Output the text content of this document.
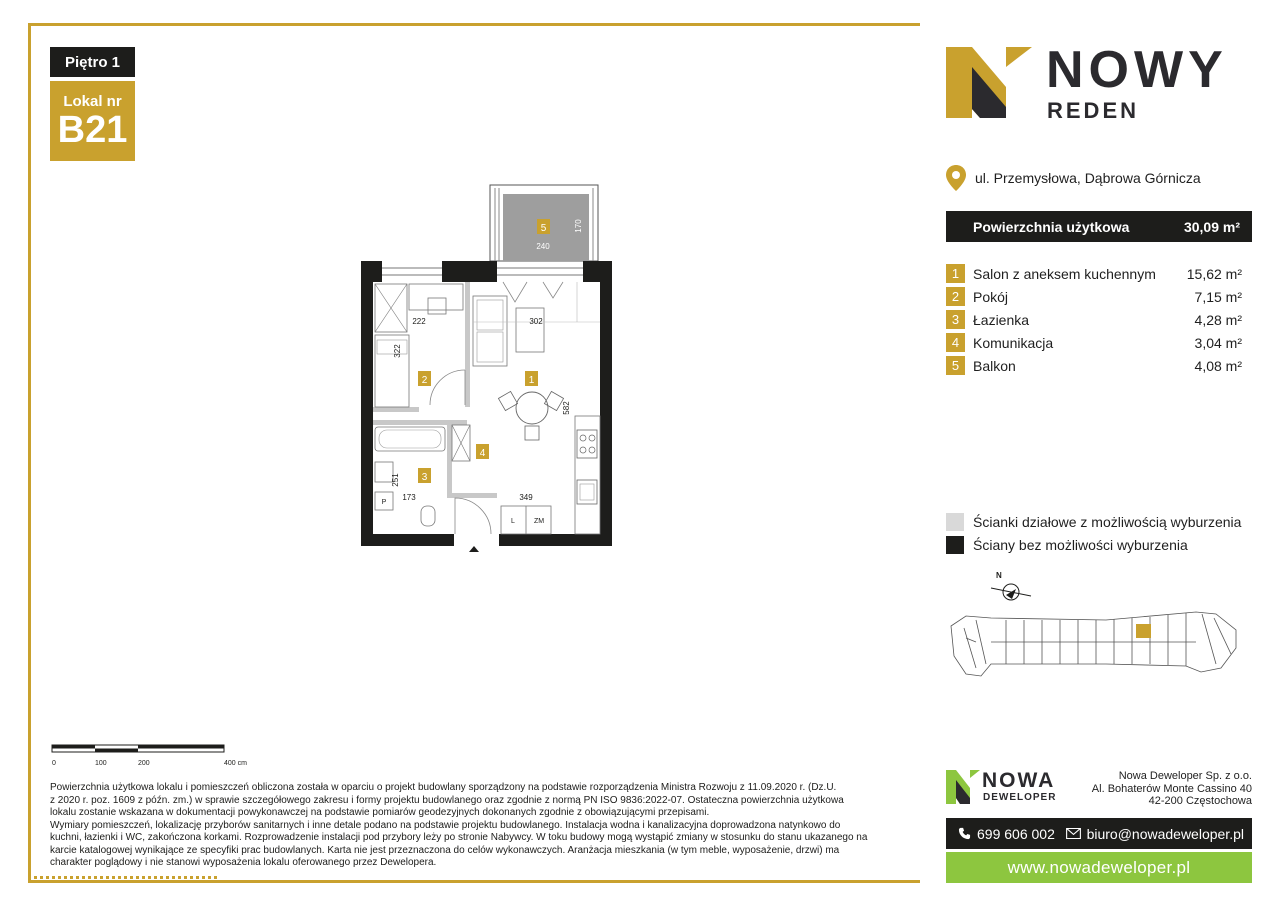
Piętro 1
Lokal nr
B21
5
240
170
222
322
2
302
1
582
L	ZM
349
4
P
251
173
3
0	100	200	400 cm
Powierzchnia użytkowa lokalu i pomieszczeń obliczona została w oparciu o projekt budowlany sporządzony na podstawie rozporządzenia Ministra Rozwoju z 11.09.2020 r. (Dz.U.
z 2020 r. poz. 1609 z późn. zm.) w sprawie szczegółowego zakresu i formy projektu budowlanego oraz zgodnie z normą PN ISO 9836:2022-07. Ostateczna powierzchnia użytkowa
lokalu zostanie wskazana w dokumentacji powykonawczej na podstawie pomiarów geodezyjnych dokonanych zgodnie z obowiązującymi przepisami.
Wymiary pomieszczeń, lokalizację przyborów sanitarnych i inne detale podano na podstawie projektu budowlanego. Instalacja wodna i kanalizacyjna doprowadzona natynkowo do
kuchni, łazienki i WC, zakończona korkami. Rozprowadzenie instalacji pod przybory leży po stronie Nabywcy. W toku budowy mogą wystąpić zmiany w stosunku do stanu ukazanego na
karcie katalogowej wynikające ze specyfiki prac budowlanych. Karta nie jest przeznaczona do celów wykonawczych. Aranżacja mieszkania (w tym meble, wyposażenie, drzwi) ma
charakter poglądowy i nie stanowi wyposażenia lokalu oferowanego przez Dewelopera.
NOWY
REDEN
ul. Przemysłowa, Dąbrowa Górnicza
Powierzchnia użytkowa	30,09 m²
1 Salon z aneksem kuchennym	15,62 m²
2 Pokój	7,15 m²
3 Łazienka	4,28 m²
4 Komunikacja	3,04 m²
5 Balkon	4,08 m²
Ścianki działowe z możliwością wyburzenia
Ściany bez możliwości wyburzenia
N
NOWA
DEWELOPER
Nowa Deweloper Sp. z o.o.
Al. Bohaterów Monte Cassino 40
42-200 Częstochowa
699 606 002 biuro@nowadeweloper.pl
www.nowadeweloper.pl
